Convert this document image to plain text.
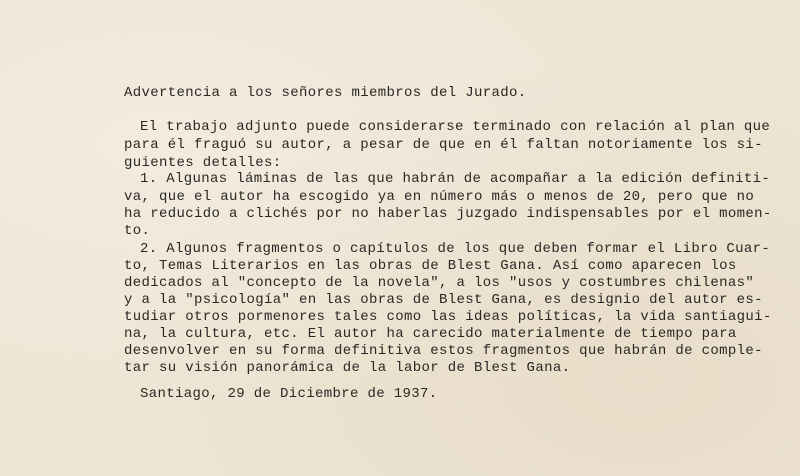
Advertencia a los señores miembros del Jurado.
El trabajo adjunto puede considerarse terminado con relación al plan que
para él fraguó su autor, a pesar de que en él faltan notoriamente los si-
guientes detalles:
1. Algunas láminas de las que habrán de acompañar a la edición definiti-
va, que el autor ha escogido ya en número más o menos de 20, pero que no
ha reducido a clichés por no haberlas juzgado indispensables por el momen-
to.
2. Algunos fragmentos o capítulos de los que deben formar el Libro Cuar-
to, Temas Literarios en las obras de Blest Gana. Así como aparecen los
dedicados al "concepto de la novela", a los "usos y costumbres chilenas"
y a la "psicología" en las obras de Blest Gana, es designio del autor es-
tudiar otros pormenores tales como las ideas políticas, la vida santiagui-
na, la cultura, etc. El autor ha carecido materialmente de tiempo para
desenvolver en su forma definitiva estos fragmentos que habrán de comple-
tar su visión panorámica de la labor de Blest Gana.
Santiago, 29 de Diciembre de 1937.
